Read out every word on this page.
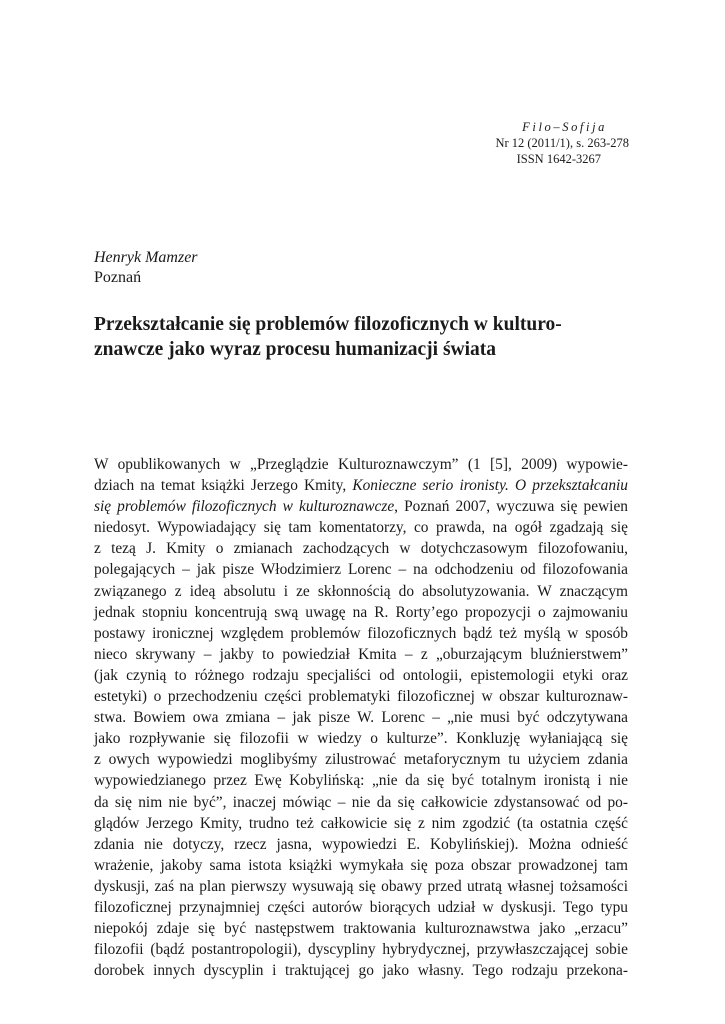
Filo–Sofija
Nr 12 (2011/1), s. 263-278
ISSN 1642-3267
Henryk Mamzer
Poznań
Przekształcanie się problemów filozoficznych w kulturo-
znawcze jako wyraz procesu humanizacji świata
W opublikowanych w „Przeglądzie Kulturoznawczym” (1 [5], 2009) wypowie-
dziach na temat książki Jerzego Kmity, Konieczne serio ironisty. O przekształcaniu
się problemów filozoficznych w kulturoznawcze, Poznań 2007, wyczuwa się pewien
niedosyt. Wypowiadający się tam komentatorzy, co prawda, na ogół zgadzają się
z tezą J. Kmity o zmianach zachodzących w dotychczasowym filozofowaniu,
polegających – jak pisze Włodzimierz Lorenc – na odchodzeniu od filozofowania
związanego z ideą absolutu i ze skłonnością do absolutyzowania. W znaczącym
jednak stopniu koncentrują swą uwagę na R. Rorty’ego propozycji o zajmowaniu
postawy ironicznej względem problemów filozoficznych bądź też myślą w sposób
nieco skrywany – jakby to powiedział Kmita – z „oburzającym bluźnierstwem”
(jak czynią to różnego rodzaju specjaliści od ontologii, epistemologii etyki oraz
estetyki) o przechodzeniu części problematyki filozoficznej w obszar kulturoznaw-
stwa. Bowiem owa zmiana – jak pisze W. Lorenc – „nie musi być odczytywana
jako rozpływanie się filozofii w wiedzy o kulturze”. Konkluzję wyłaniającą się
z owych wypowiedzi moglibyśmy zilustrować metaforycznym tu użyciem zdania
wypowiedzianego przez Ewę Kobylińską: „nie da się być totalnym ironistą i nie
da się nim nie być”, inaczej mówiąc – nie da się całkowicie zdystansować od po-
glądów Jerzego Kmity, trudno też całkowicie się z nim zgodzić (ta ostatnia część
zdania nie dotyczy, rzecz jasna, wypowiedzi E. Kobylińskiej). Można odnieść
wrażenie, jakoby sama istota książki wymykała się poza obszar prowadzonej tam
dyskusji, zaś na plan pierwszy wysuwają się obawy przed utratą własnej tożsamości
filozoficznej przynajmniej części autorów biorących udział w dyskusji. Tego typu
niepokój zdaje się być następstwem traktowania kulturoznawstwa jako „erzacu”
filozofii (bądź postantropologii), dyscypliny hybrydycznej, przywłaszczającej sobie
dorobek innych dyscyplin i traktującej go jako własny. Tego rodzaju przekona-
